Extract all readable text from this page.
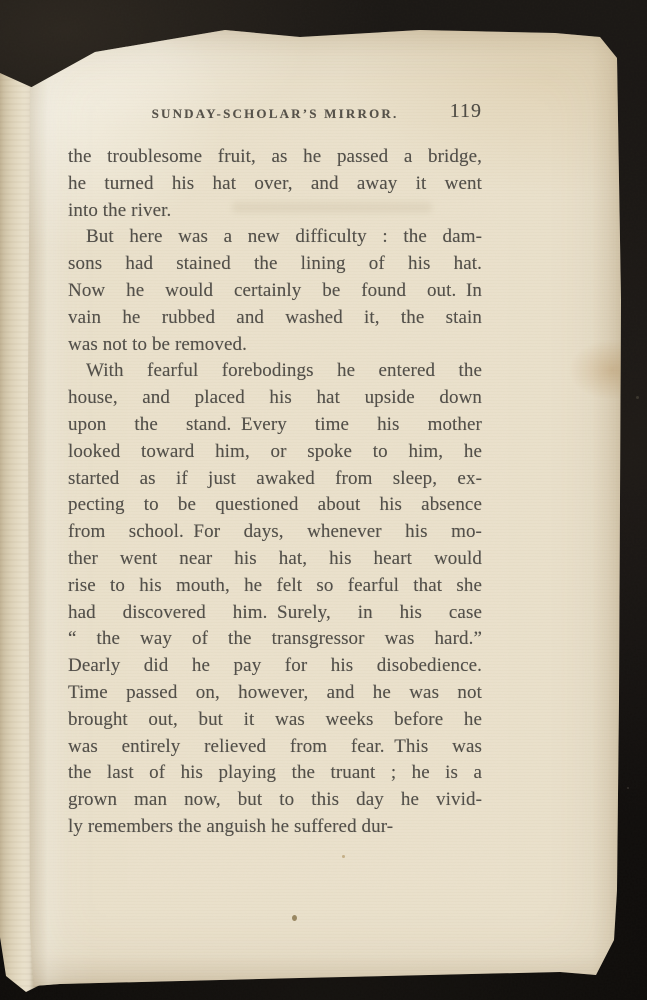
SUNDAY-SCHOLAR’S MIRROR.	119
the troublesome fruit, as he passed a bridge,
he turned his hat over, and away it went
into the river.
But here was a new difficulty : the dam-
sons had stained the lining of his hat.
Now he would certainly be found out. In
vain he rubbed and washed it, the stain
was not to be removed.
With fearful forebodings he entered the
house, and placed his hat upside down
upon the stand. Every time his mother
looked toward him, or spoke to him, he
started as if just awaked from sleep, ex-
pecting to be questioned about his absence
from school. For days, whenever his mo-
ther went near his hat, his heart would
rise to his mouth, he felt so fearful that she
had discovered him. Surely, in his case
“ the way of the transgressor was hard.”
Dearly did he pay for his disobedience.
Time passed on, however, and he was not
brought out, but it was weeks before he
was entirely relieved from fear. This was
the last of his playing the truant ; he is a
grown man now, but to this day he vivid-
ly remembers the anguish he suffered dur-
